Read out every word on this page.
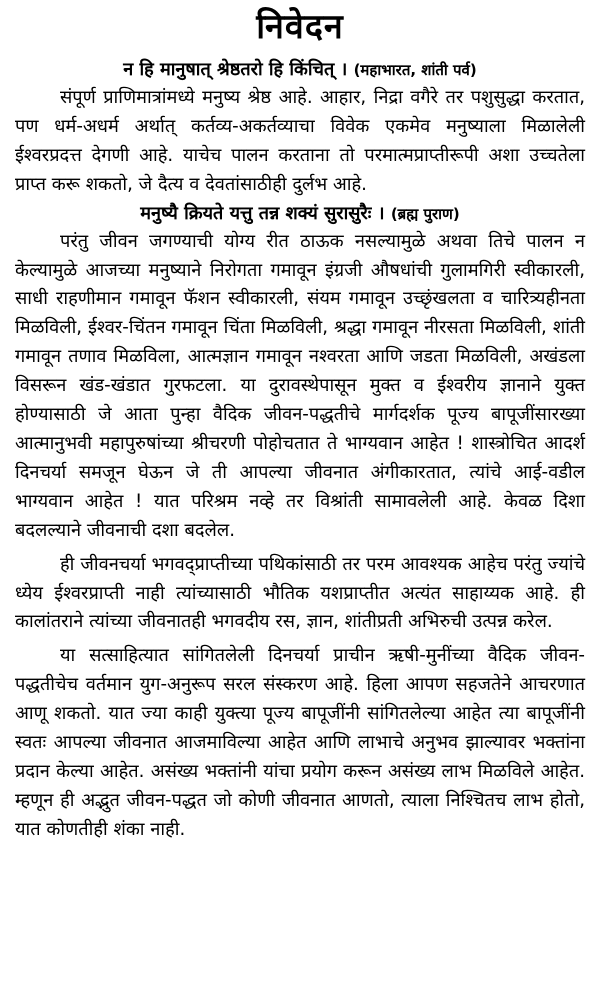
निवेदन

न हि मानुषात् श्रेष्ठतरो हि किंचित् । (महाभारत, शांती पर्व)

संपूर्ण प्राणिमात्रांमध्ये मनुष्य श्रेष्ठ आहे. आहार, निद्रा वगैरे तर पशुसुद्धा करतात, पण धर्म-अधर्म अर्थात् कर्तव्य-अकर्तव्याचा विवेक एकमेव मनुष्याला मिळालेली ईश्वरप्रदत्त देगणी आहे. याचेच पालन करताना तो परमात्मप्राप्तीरूपी अशा उच्चतेला प्राप्त करू शकतो, जे दैत्य व देवतांसाठीही दुर्लभ आहे.

मनुष्यै क्रियते यत्तु तन्न शक्यं सुरासुरैः । (ब्रह्म पुराण)

परंतु जीवन जगण्याची योग्य रीत ठाऊक नसल्यामुळे अथवा तिचे पालन न केल्यामुळे आजच्या मनुष्याने निरोगता गमावून इंग्रजी औषधांची गुलामगिरी स्वीकारली, साधी राहणीमान गमावून फॅशन स्वीकारली, संयम गमावून उच्छृंखलता व चारित्र्यहीनता मिळविली, ईश्वर-चिंतन गमावून चिंता मिळविली, श्रद्धा गमावून नीरसता मिळविली, शांती गमावून तणाव मिळविला, आत्मज्ञान गमावून नश्वरता आणि जडता मिळविली, अखंडला विसरून खंड-खंडात गुरफटला. या दुरावस्थेपासून मुक्त व ईश्वरीय ज्ञानाने युक्त होण्यासाठी जे आता पुन्हा वैदिक जीवन-पद्धतीचे मार्गदर्शक पूज्य बापूजींसारख्या आत्मानुभवी महापुरुषांच्या श्रीचरणी पोहोचतात ते भाग्यवान आहेत ! शास्त्रोचित आदर्श दिनचर्या समजून घेऊन जे ती आपल्या जीवनात अंगीकारतात, त्यांचे आई-वडील भाग्यवान आहेत ! यात परिश्रम नव्हे तर विश्रांती सामावलेली आहे. केवळ दिशा बदलल्याने जीवनाची दशा बदलेल.

ही जीवनचर्या भगवद्प्राप्तीच्या पथिकांसाठी तर परम आवश्यक आहेच परंतु ज्यांचे ध्येय ईश्वरप्राप्ती नाही त्यांच्यासाठी भौतिक यशप्राप्तीत अत्यंत साहाय्यक आहे. ही कालांतराने त्यांच्या जीवनातही भगवदीय रस, ज्ञान, शांतीप्रती अभिरुची उत्पन्न करेल.

या सत्साहित्यात सांगितलेली दिनचर्या प्राचीन ऋषी-मुनींच्या वैदिक जीवन-पद्धतीचेच वर्तमान युग-अनुरूप सरल संस्करण आहे. हिला आपण सहजतेने आचरणात आणू शकतो. यात ज्या काही युक्त्या पूज्य बापूजींनी सांगितलेल्या आहेत त्या बापूजींनी स्वतः आपल्या जीवनात आजमाविल्या आहेत आणि लाभाचे अनुभव झाल्यावर भक्तांना प्रदान केल्या आहेत. असंख्य भक्तांनी यांचा प्रयोग करून असंख्य लाभ मिळविले आहेत. म्हणून ही अद्भुत जीवन-पद्धत जो कोणी जीवनात आणतो, त्याला निश्चितच लाभ होतो, यात कोणतीही शंका नाही.
